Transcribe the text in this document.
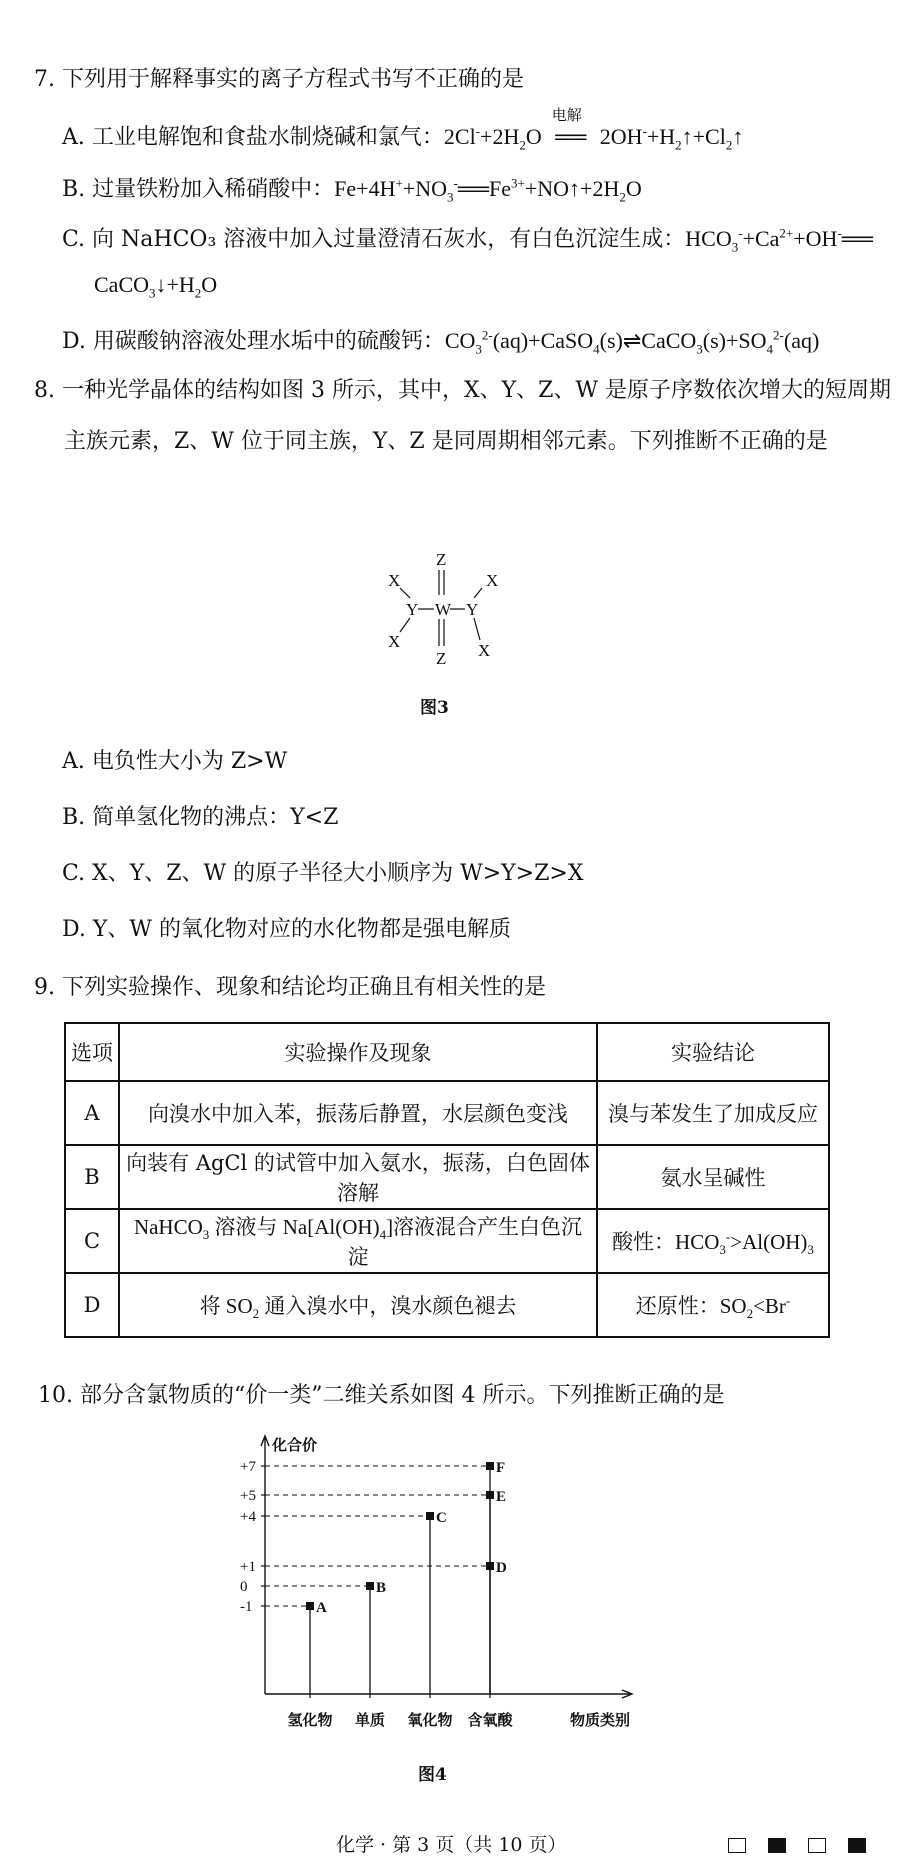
7. 下列用于解释事实的离子方程式书写不正确的是
A. 工业电解饱和食盐水制烧碱和氯气：$2Cl^-+2H_2O$
电解
══ $2OH^-+H_2↑+Cl_2↑$
B. 过量铁粉加入稀硝酸中：$Fe+4H^++NO_3^-══Fe^{3+}+NO↑+2H_2O$
C. 向 NaHCO₃ 溶液中加入过量澄清石灰水，有白色沉淀生成：$HCO_3^-+Ca^{2+}+OH^-══$
$CaCO_3↓+H_2O$
D. 用碳酸钠溶液处理水垢中的硫酸钙：$CO_3^{2-}(aq)+CaSO_4(s)\rightleftharpoons CaCO_3(s)+SO_4^{2-}(aq)$
8. 一种光学晶体的结构如图 3 所示，其中，X、Y、Z、W 是原子序数依次增大的短周期
主族元素，Z、W 位于同主族，Y、Z 是同周期相邻元素。下列推断不正确的是
Z
X	X
Y W Y
X	X
Z
图3
A. 电负性大小为 Z>W
B. 简单氢化物的沸点：Y<Z
C. X、Y、Z、W 的原子半径大小顺序为 W>Y>Z>X
D. Y、W 的氧化物对应的水化物都是强电解质
9. 下列实验操作、现象和结论均正确且有相关性的是
选项	实验操作及现象	实验结论
A	向溴水中加入苯，振荡后静置，水层颜色变浅	溴与苯发生了加成反应
B	向装有 AgCl 的试管中加入氨水，振荡，白色固体溶解	氨水呈碱性
C	NaHCO$_3$ 溶液与 $Na[Al(OH)_4]$溶液混合产生白色沉淀	酸性：$HCO_3^->Al(OH)_3$
D	将 $SO_2$ 通入溴水中，溴水颜色褪去	还原性：$SO_2<Br^-$
10. 部分含氯物质的“价一类”二维关系如图 4 所示。下列推断正确的是
化合价
物质类别
+7
+5
+4
+1
0
-1
氢化物 单质 氧化物 含氧酸
A
B
C
D
E
F
图4
化学 · 第 3 页（共 10 页）
